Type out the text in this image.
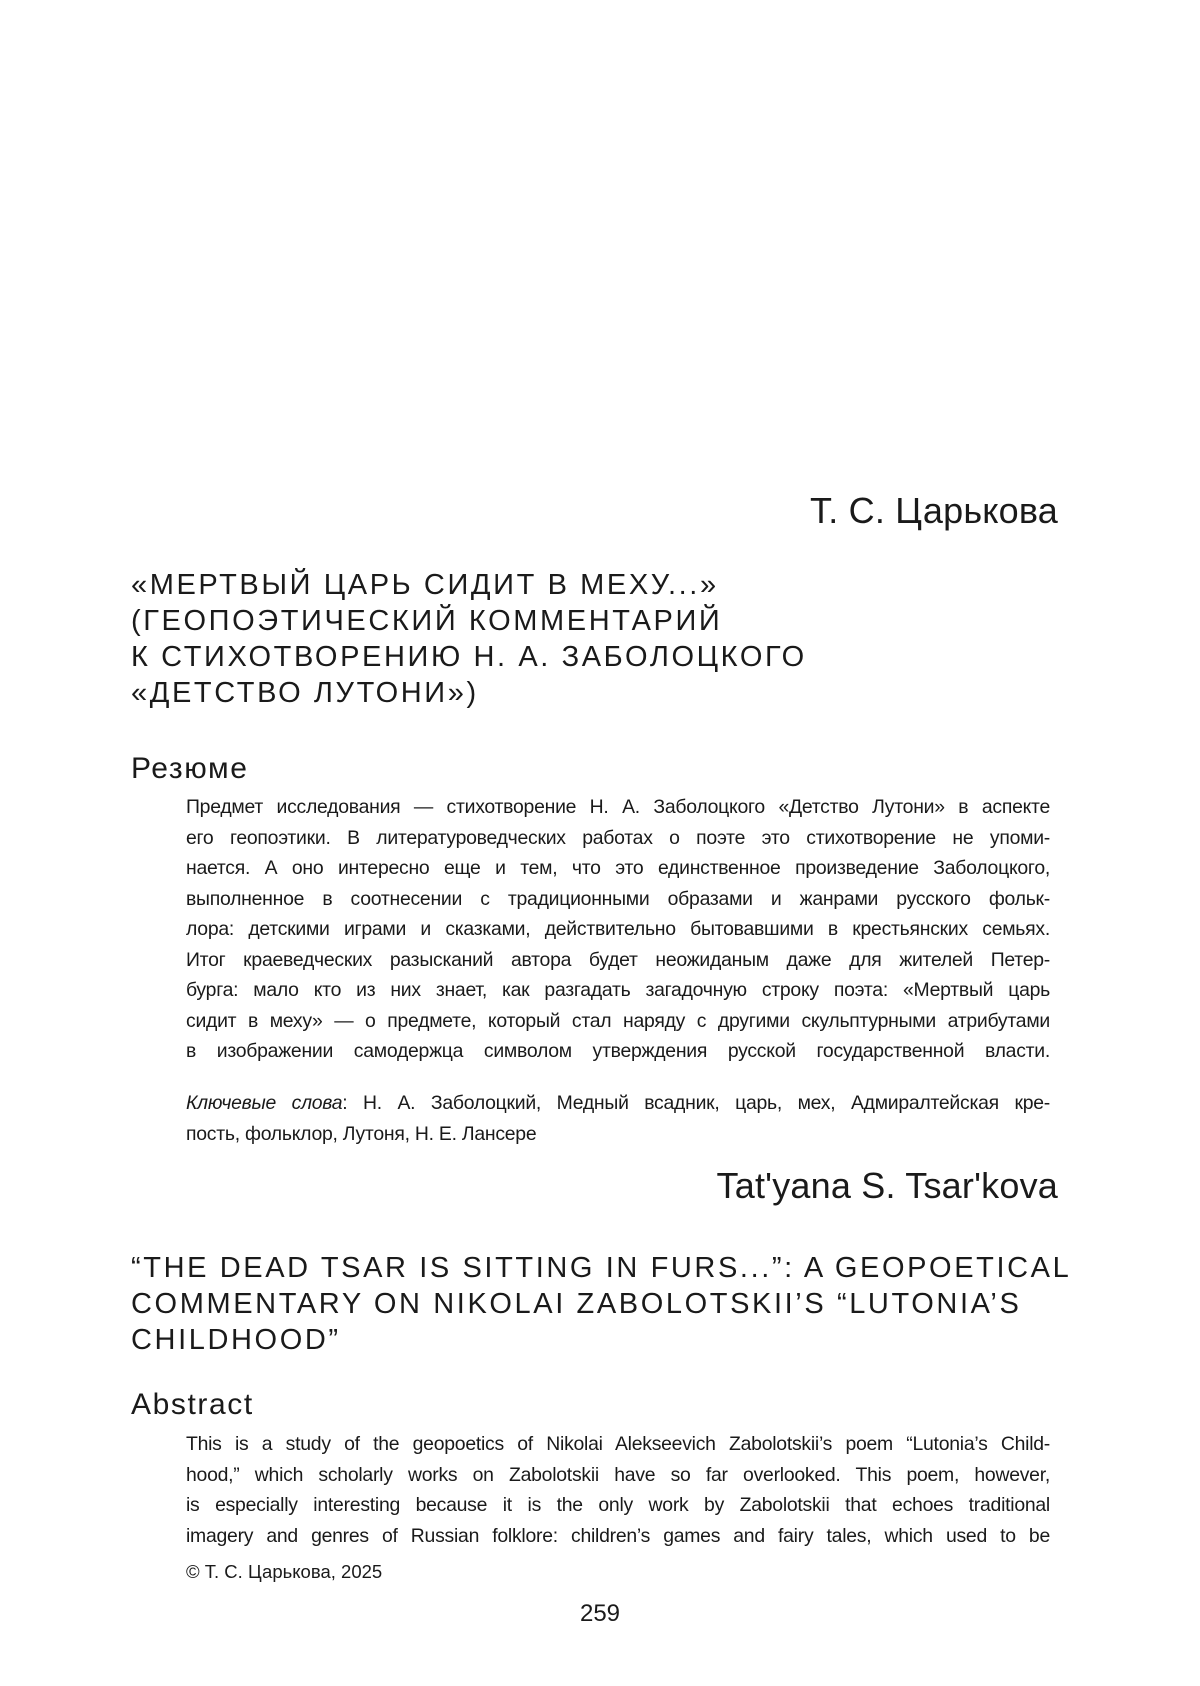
Т. С. Царькова
«МЕРТВЫЙ ЦАРЬ СИДИТ В МЕХУ...»
(ГЕОПОЭТИЧЕСКИЙ КОММЕНТАРИЙ
К СТИХОТВОРЕНИЮ Н. А. ЗАБОЛОЦКОГО
«ДЕТСТВО ЛУТОНИ»)
Резюме
Предмет исследования — стихотворение Н. А. Заболоцкого «Детство Лутони» в аспекте
его геопоэтики. В литературоведческих работах о поэте это стихотворение не упоми-
нается. А оно интересно еще и тем, что это единственное произведение Заболоцкого,
выполненное в соотнесении с традиционными образами и жанрами русского фольк-
лора: детскими играми и сказками, действительно бытовавшими в крестьянских семьях.
Итог краеведческих разысканий автора будет неожиданым даже для жителей Петер-
бурга: мало кто из них знает, как разгадать загадочную строку поэта: «Мертвый царь
сидит в меху» — о предмете, который стал наряду с другими скульптурными атрибутами
в изображении самодержца символом утверждения русской государственной власти.
Ключевые слова: Н. А. Заболоцкий, Медный всадник, царь, мех, Адмиралтейская кре-
пость, фольклор, Лутоня, Н. Е. Лансере
Tat'yana S. Tsar'kova
“THE DEAD TSAR IS SITTING IN FURS...”: A GEOPOETICAL
COMMENTARY ON NIKOLAI ZABOLOTSKII’S “LUTONIA’S
CHILDHOOD”
Abstract
This is a study of the geopoetics of Nikolai Alekseevich Zabolotskii’s poem “Lutonia’s Child-
hood,” which scholarly works on Zabolotskii have so far overlooked. This poem, however,
is especially interesting because it is the only work by Zabolotskii that echoes traditional
imagery and genres of Russian folklore: children’s games and fairy tales, which used to be
© Т. С. Царькова, 2025
259
